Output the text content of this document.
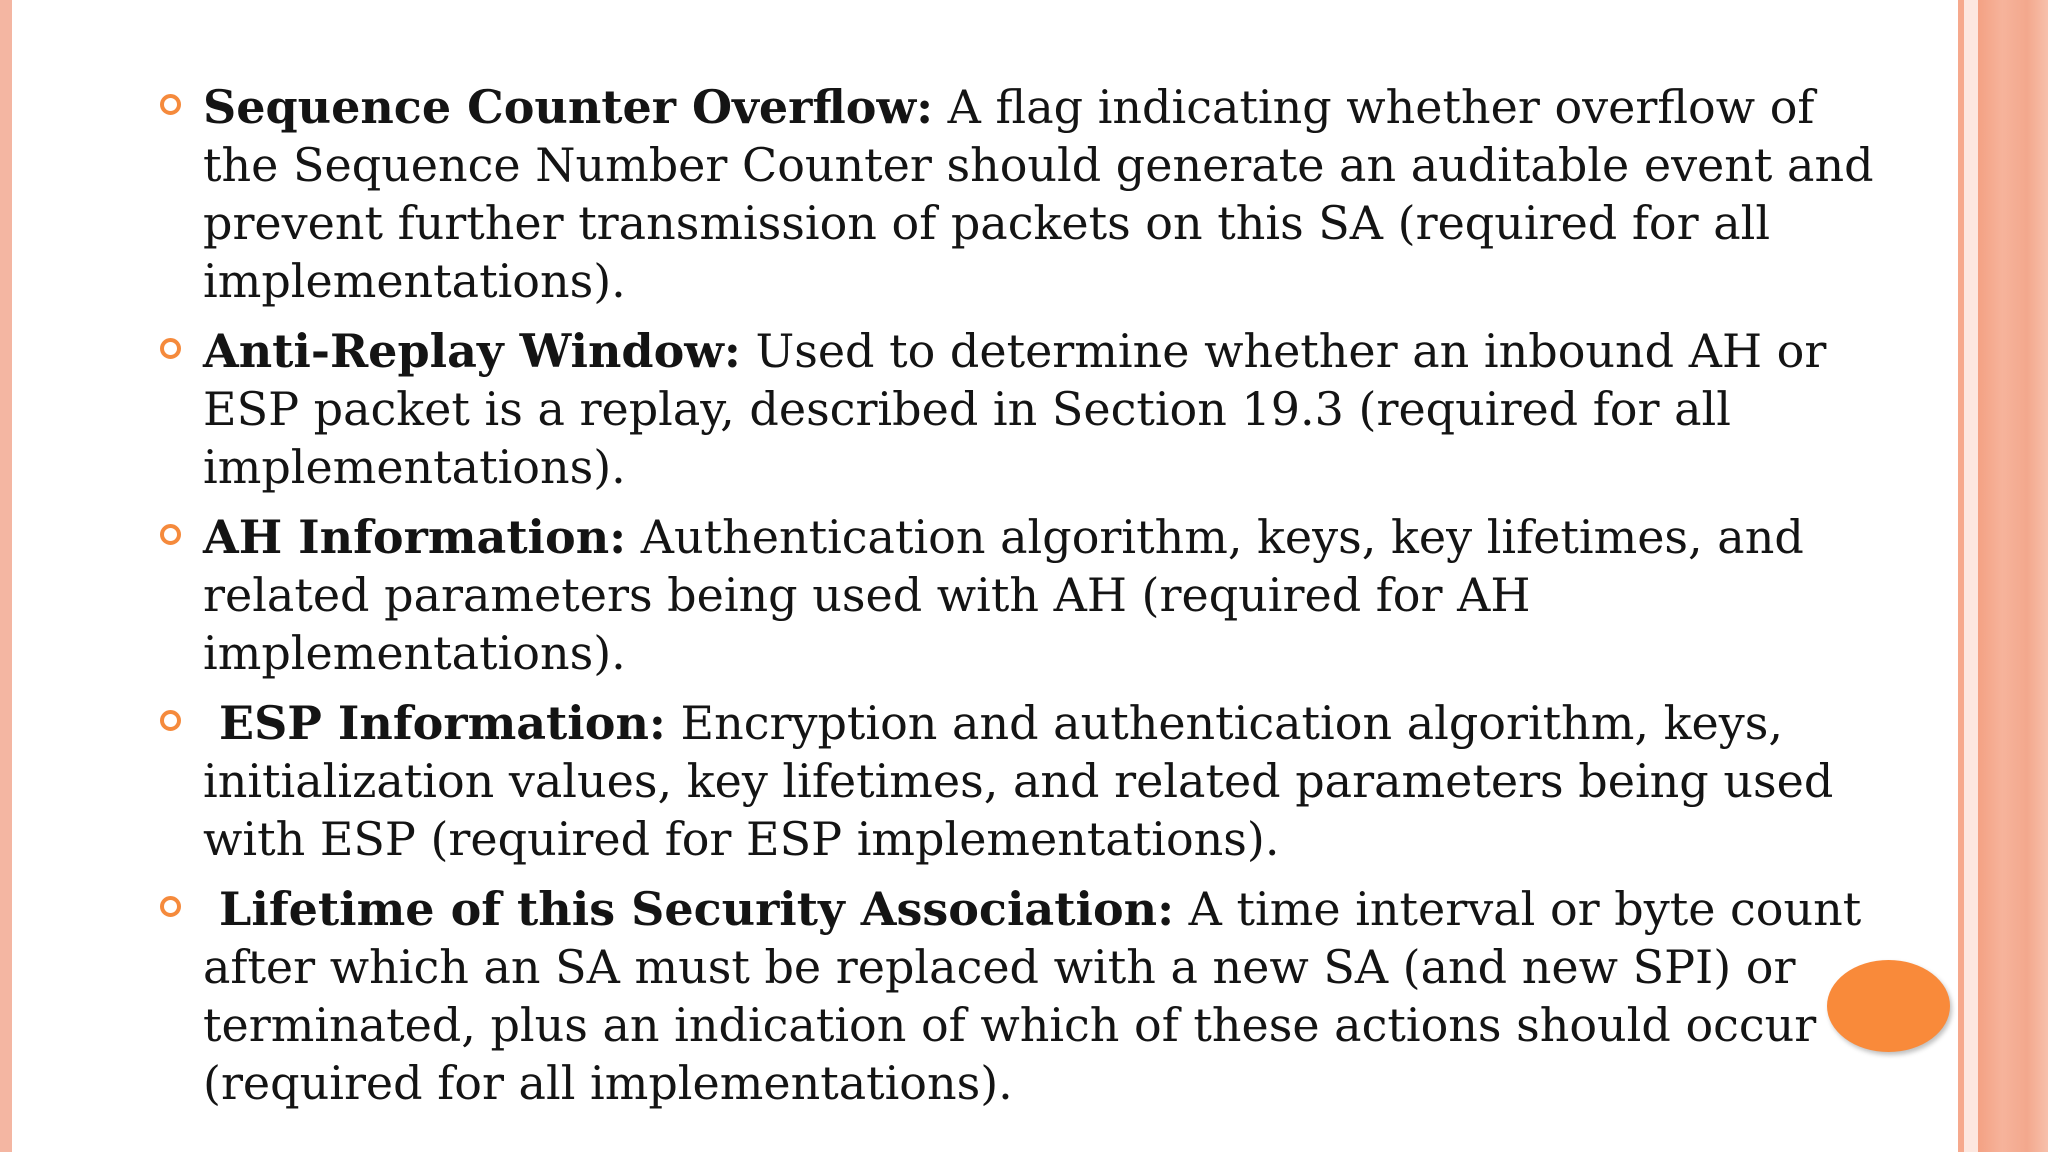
Sequence Counter Overflow: A flag indicating whether overflow of the Sequence Number Counter should generate an auditable event and prevent further transmission of packets on this SA (required for all implementations).
Anti-Replay Window: Used to determine whether an inbound AH or ESP packet is a replay, described in Section 19.3 (required for all implementations).
AH Information: Authentication algorithm, keys, key lifetimes, and related parameters being used with AH (required for AH implementations).
ESP Information: Encryption and authentication algorithm, keys, initialization values, key lifetimes, and related parameters being used with ESP (required for ESP implementations).
Lifetime of this Security Association: A time interval or byte count after which an SA must be replaced with a new SA (and new SPI) or terminated, plus an indication of which of these actions should occur (required for all implementations).
